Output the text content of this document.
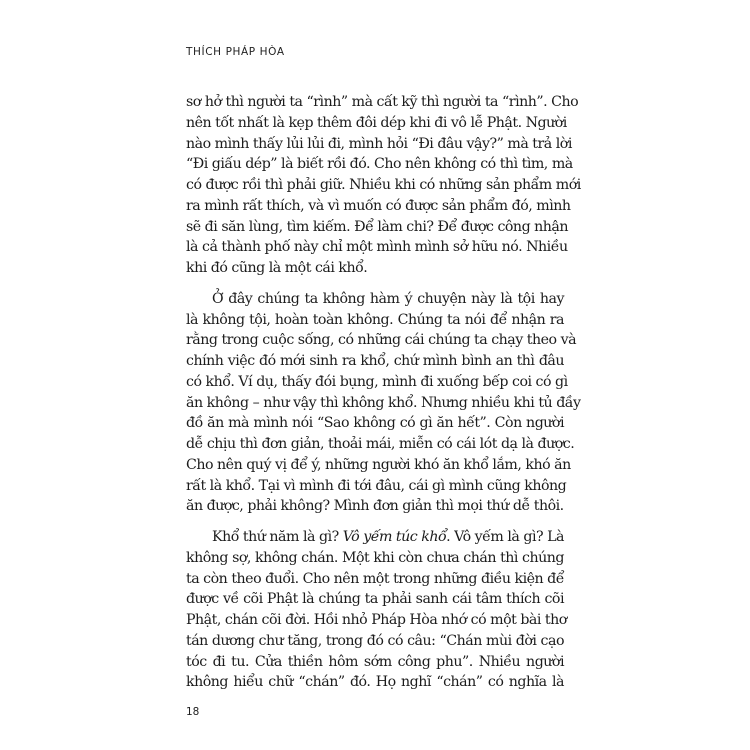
THÍCH PHÁP HÒA
sơ hở thì người ta “rình” mà cất kỹ thì người ta “rình”. Cho
nên tốt nhất là kẹp thêm đôi dép khi đi vô lễ Phật. Người
nào mình thấy lủi lủi đi, mình hỏi “Đi đâu vậy?” mà trả lời
“Đi giấu dép” là biết rồi đó. Cho nên không có thì tìm, mà
có được rồi thì phải giữ. Nhiều khi có những sản phẩm mới
ra mình rất thích, và vì muốn có được sản phẩm đó, mình
sẽ đi săn lùng, tìm kiếm. Để làm chi? Để được công nhận
là cả thành phố này chỉ một mình mình sở hữu nó. Nhiều
khi đó cũng là một cái khổ.
Ở đây chúng ta không hàm ý chuyện này là tội hay
là không tội, hoàn toàn không. Chúng ta nói để nhận ra
rằng trong cuộc sống, có những cái chúng ta chạy theo và
chính việc đó mới sinh ra khổ, chứ mình bình an thì đâu
có khổ. Ví dụ, thấy đói bụng, mình đi xuống bếp coi có gì
ăn không – như vậy thì không khổ. Nhưng nhiều khi tủ đầy
đồ ăn mà mình nói “Sao không có gì ăn hết”. Còn người
dễ chịu thì đơn giản, thoải mái, miễn có cái lót dạ là được.
Cho nên quý vị để ý, những người khó ăn khổ lắm, khó ăn
rất là khổ. Tại vì mình đi tới đâu, cái gì mình cũng không
ăn được, phải không? Mình đơn giản thì mọi thứ dễ thôi.
Khổ thứ năm là gì? Vô yếm túc khổ. Vô yếm là gì? Là
không sợ, không chán. Một khi còn chưa chán thì chúng
ta còn theo đuổi. Cho nên một trong những điều kiện để
được về cõi Phật là chúng ta phải sanh cái tâm thích cõi
Phật, chán cõi đời. Hồi nhỏ Pháp Hòa nhớ có một bài thơ
tán dương chư tăng, trong đó có câu: “Chán mùi đời cạo
tóc đi tu. Cửa thiền hôm sớm công phu”. Nhiều người
không hiểu chữ “chán” đó. Họ nghĩ “chán” có nghĩa là
18
